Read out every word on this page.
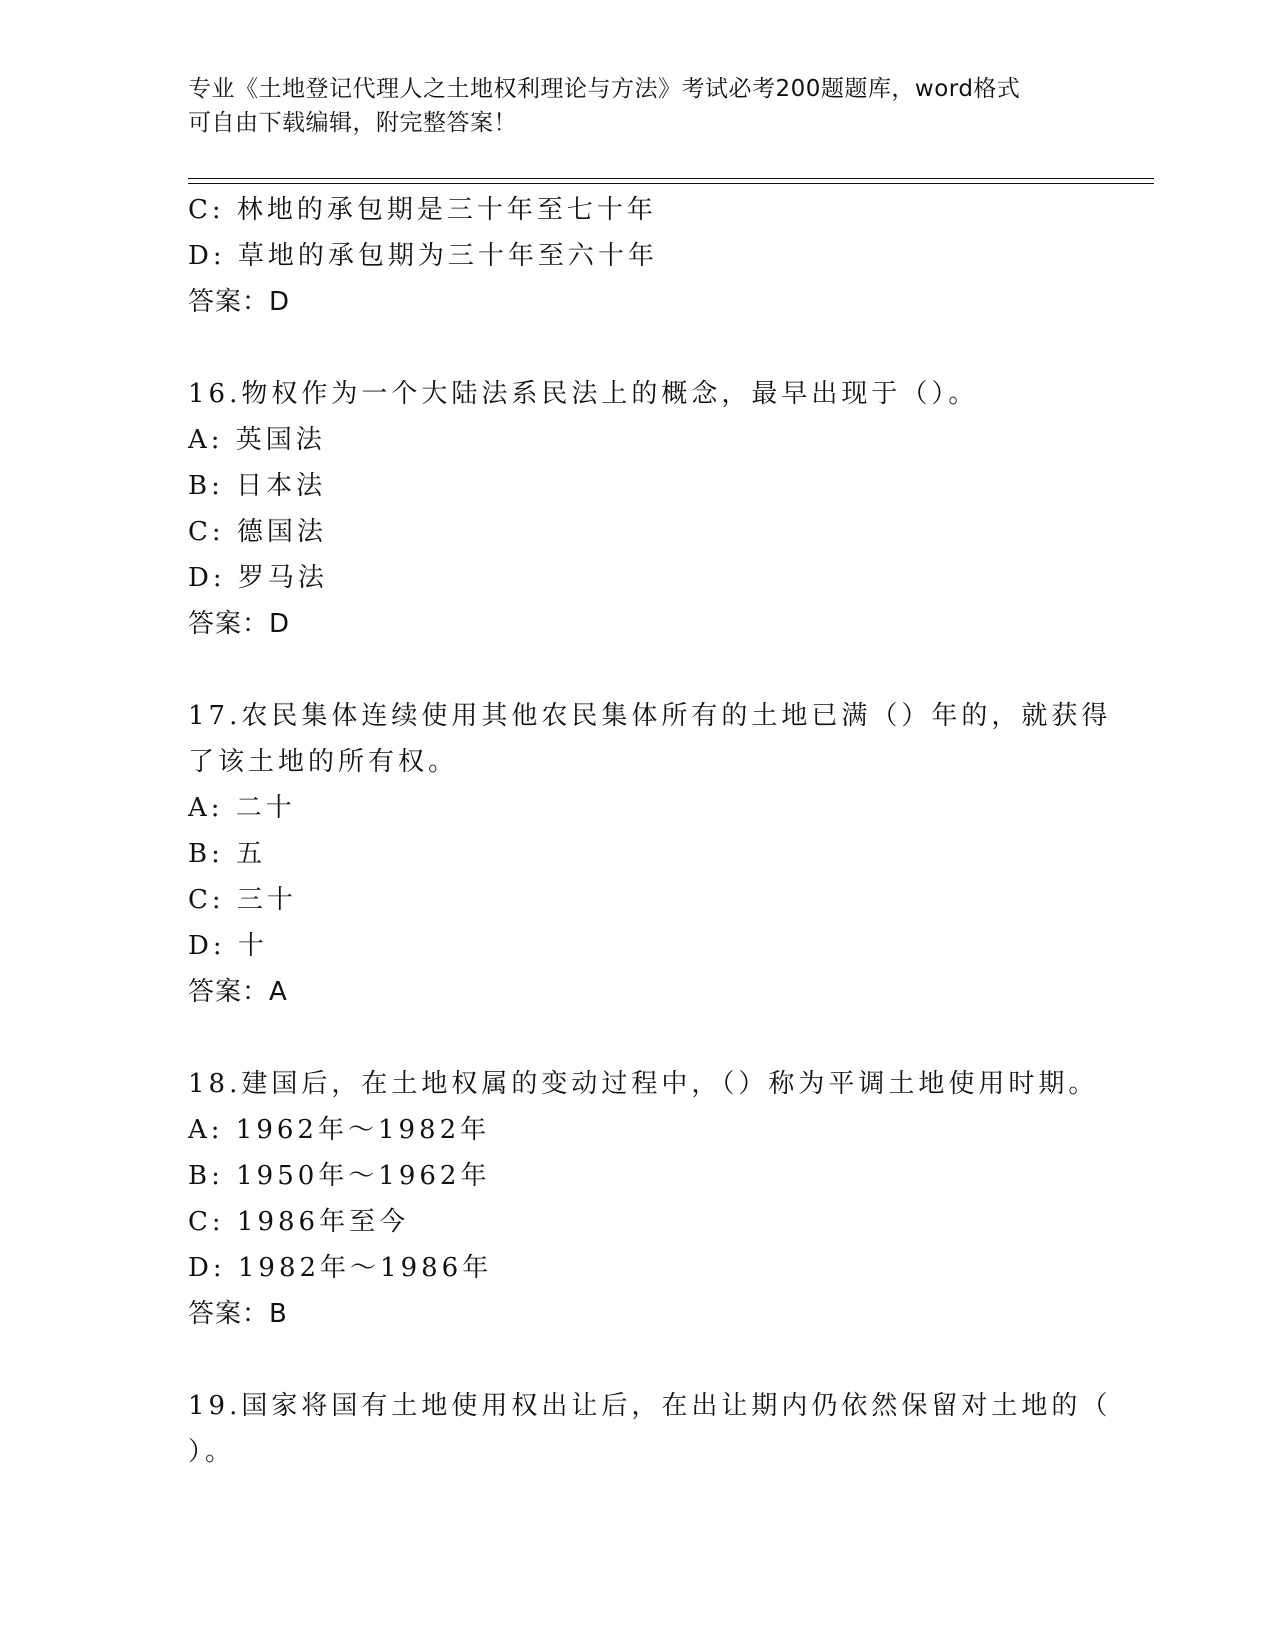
专业《土地登记代理人之土地权利理论与方法》考试必考200题题库，word格式
可自由下载编辑，附完整答案！
C: 林地的承包期是三十年至七十年
D: 草地的承包期为三十年至六十年
答案：D
16.物权作为一个大陆法系民法上的概念，最早出现于（）。
A: 英国法
B: 日本法
C: 德国法
D: 罗马法
答案：D
17.农民集体连续使用其他农民集体所有的土地已满（）年的，就获得
了该土地的所有权。
A: 二十
B: 五
C: 三十
D: 十
答案：A
18.建国后，在土地权属的变动过程中，（）称为平调土地使用时期。
A: 1962年～1982年
B: 1950年～1962年
C: 1986年至今
D: 1982年～1986年
答案：B
19.国家将国有土地使用权出让后，在出让期内仍依然保留对土地的（
）。
